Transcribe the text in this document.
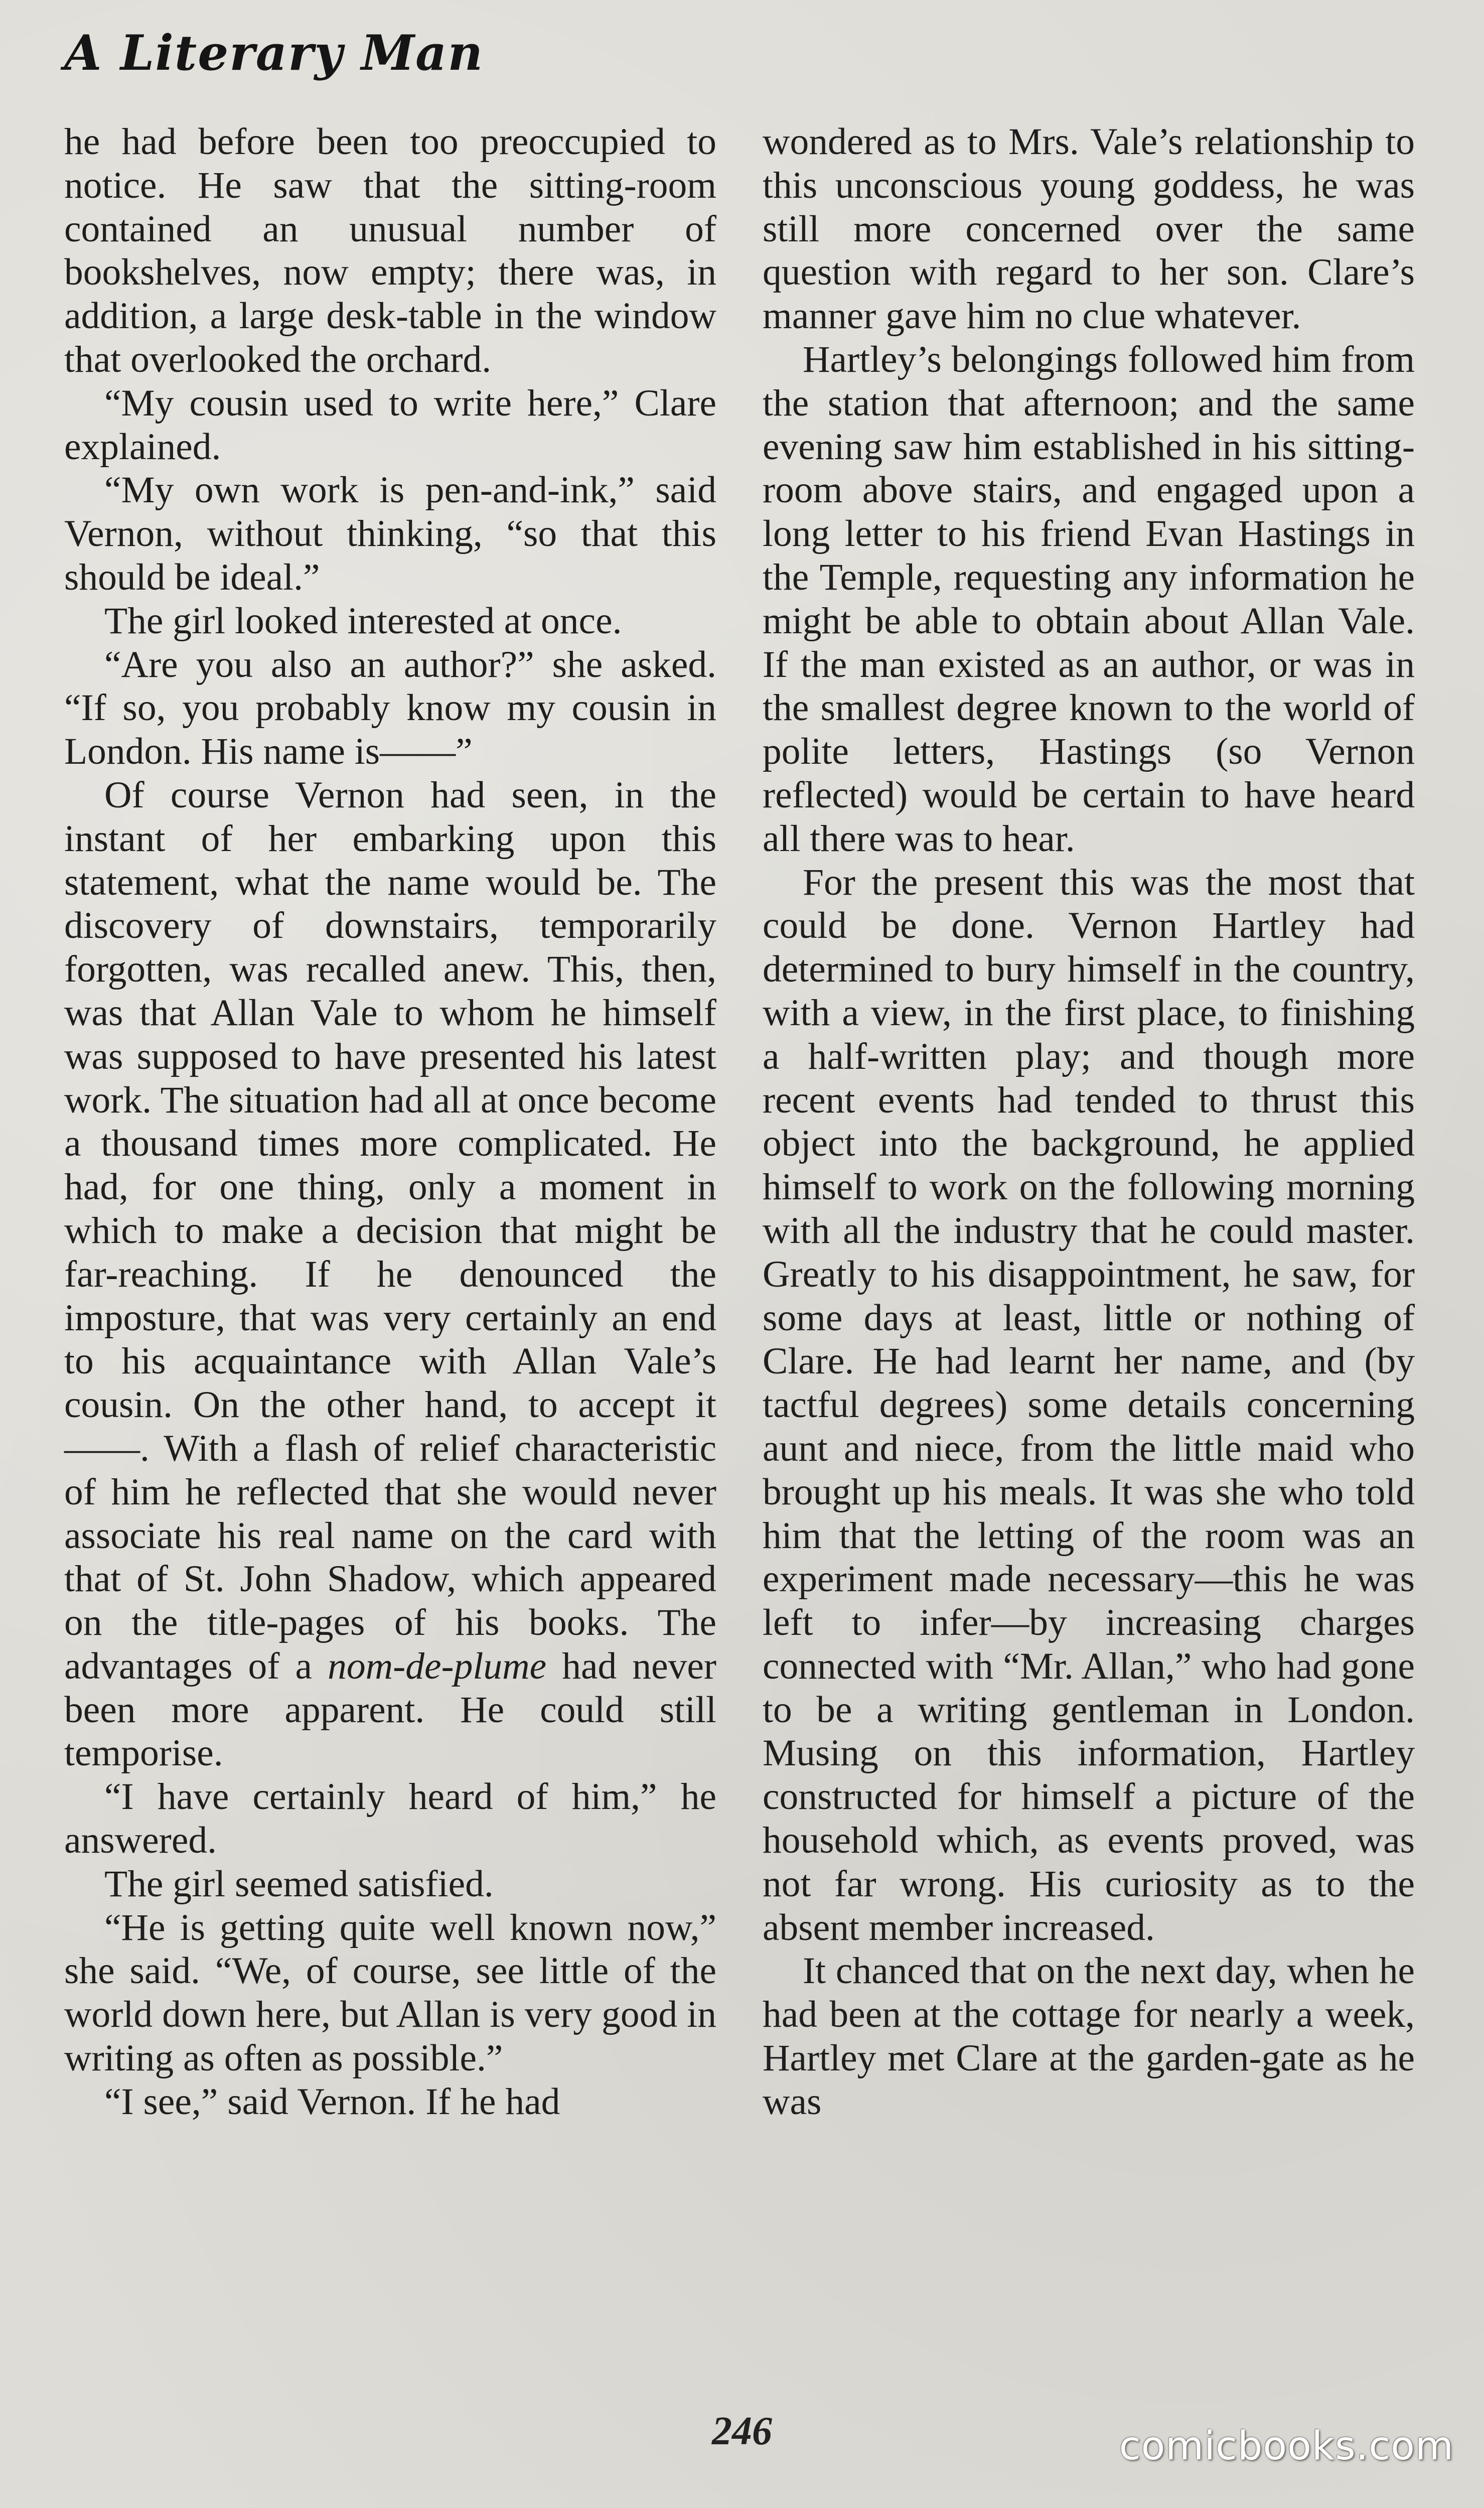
A Literary Man

he had before been too preoccupied to notice. He saw that the sitting-room contained an unusual number of bookshelves, now empty; there was, in addition, a large desk-table in the window that overlooked the orchard.

“My cousin used to write here,” Clare explained.

“My own work is pen-and-ink,” said Vernon, without thinking, “so that this should be ideal.”

The girl looked interested at once.

“Are you also an author?” she asked. “If so, you probably know my cousin in London. His name is——”

Of course Vernon had seen, in the instant of her embarking upon this statement, what the name would be. The discovery of downstairs, temporarily forgotten, was recalled anew. This, then, was that Allan Vale to whom he himself was supposed to have presented his latest work. The situation had all at once become a thousand times more complicated. He had, for one thing, only a moment in which to make a decision that might be far-reaching. If he denounced the imposture, that was very certainly an end to his acquaintance with Allan Vale’s cousin. On the other hand, to accept it——. With a flash of relief characteristic of him he reflected that she would never associate his real name on the card with that of St. John Shadow, which appeared on the title-pages of his books. The advantages of a nom-de-plume had never been more apparent. He could still temporise.

“I have certainly heard of him,” he answered.

The girl seemed satisfied.

“He is getting quite well known now,” she said. “We, of course, see little of the world down here, but Allan is very good in writing as often as possible.”

“I see,” said Vernon. If he had

wondered as to Mrs. Vale’s relationship to this unconscious young goddess, he was still more concerned over the same question with regard to her son. Clare’s manner gave him no clue whatever.

Hartley’s belongings followed him from the station that afternoon; and the same evening saw him established in his sitting-room above stairs, and engaged upon a long letter to his friend Evan Hastings in the Temple, requesting any information he might be able to obtain about Allan Vale. If the man existed as an author, or was in the smallest degree known to the world of polite letters, Hastings (so Vernon reflected) would be certain to have heard all there was to hear.

For the present this was the most that could be done. Vernon Hartley had determined to bury himself in the country, with a view, in the first place, to finishing a half-written play; and though more recent events had tended to thrust this object into the background, he applied himself to work on the following morning with all the industry that he could master. Greatly to his disappointment, he saw, for some days at least, little or nothing of Clare. He had learnt her name, and (by tactful degrees) some details concerning aunt and niece, from the little maid who brought up his meals. It was she who told him that the letting of the room was an experiment made necessary—this he was left to infer—by increasing charges connected with “Mr. Allan,” who had gone to be a writing gentleman in London. Musing on this information, Hartley constructed for himself a picture of the household which, as events proved, was not far wrong. His curiosity as to the absent member increased.

It chanced that on the next day, when he had been at the cottage for nearly a week, Hartley met Clare at the garden-gate as he was

246	comicbooks.com
